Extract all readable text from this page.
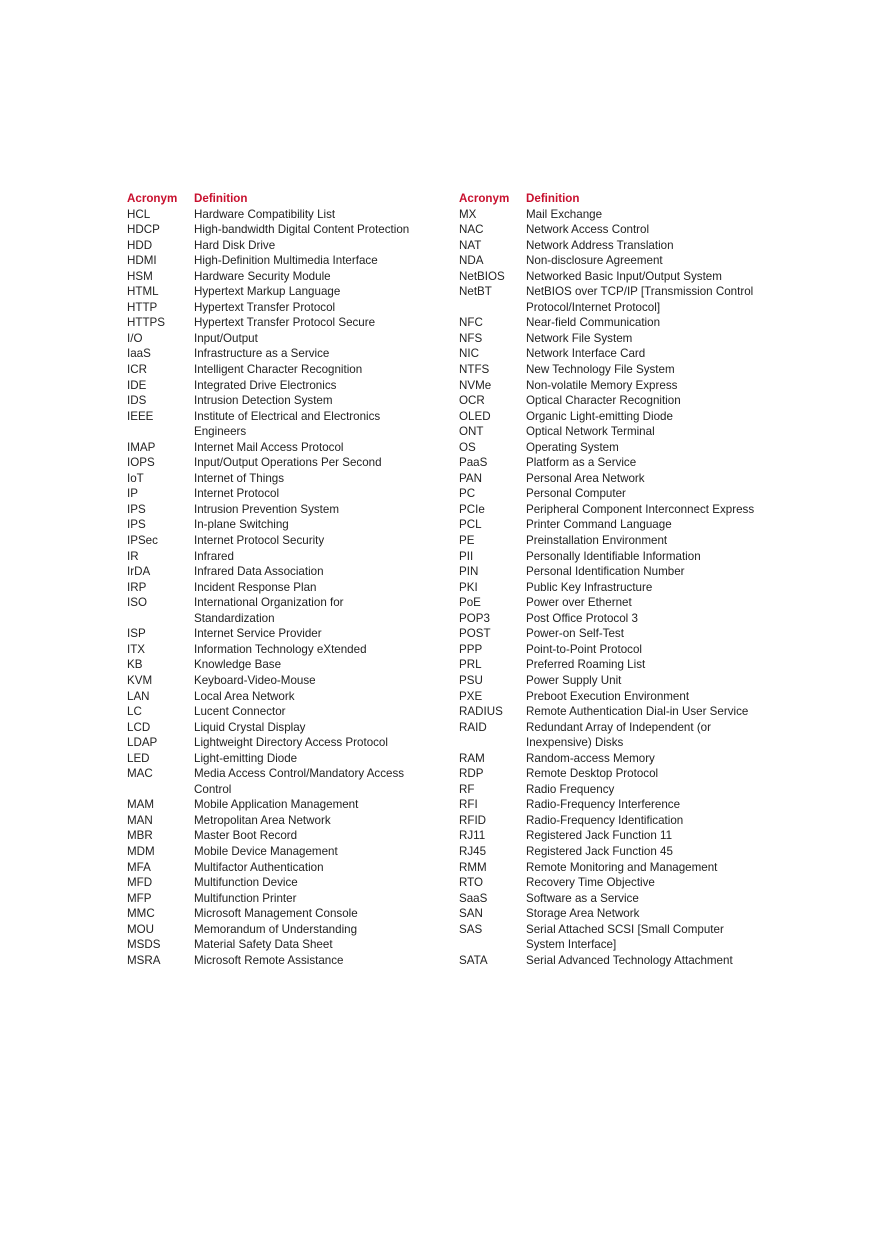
Acronym	Definition
HCL	Hardware Compatibility List
HDCP	High-bandwidth Digital Content Protection
HDD	Hard Disk Drive
HDMI	High-Definition Multimedia Interface
HSM	Hardware Security Module
HTML	Hypertext Markup Language
HTTP	Hypertext Transfer Protocol
HTTPS	Hypertext Transfer Protocol Secure
I/O	Input/Output
IaaS	Infrastructure as a Service
ICR	Intelligent Character Recognition
IDE	Integrated Drive Electronics
IDS	Intrusion Detection System
IEEE	Institute of Electrical and Electronics
Engineers
IMAP	Internet Mail Access Protocol
IOPS	Input/Output Operations Per Second
IoT	Internet of Things
IP	Internet Protocol
IPS	Intrusion Prevention System
IPS	In-plane Switching
IPSec	Internet Protocol Security
IR	Infrared
IrDA	Infrared Data Association
IRP	Incident Response Plan
ISO	International Organization for
Standardization
ISP	Internet Service Provider
ITX	Information Technology eXtended
KB	Knowledge Base
KVM	Keyboard-Video-Mouse
LAN	Local Area Network
LC	Lucent Connector
LCD	Liquid Crystal Display
LDAP	Lightweight Directory Access Protocol
LED	Light-emitting Diode
MAC	Media Access Control/Mandatory Access
Control
MAM	Mobile Application Management
MAN	Metropolitan Area Network
MBR	Master Boot Record
MDM	Mobile Device Management
MFA	Multifactor Authentication
MFD	Multifunction Device
MFP	Multifunction Printer
MMC	Microsoft Management Console
MOU	Memorandum of Understanding
MSDS	Material Safety Data Sheet
MSRA	Microsoft Remote Assistance
Acronym	Definition
MX	Mail Exchange
NAC	Network Access Control
NAT	Network Address Translation
NDA	Non-disclosure Agreement
NetBIOS	Networked Basic Input/Output System
NetBT	NetBIOS over TCP/IP [Transmission Control
Protocol/Internet Protocol]
NFC	Near-field Communication
NFS	Network File System
NIC	Network Interface Card
NTFS	New Technology File System
NVMe	Non-volatile Memory Express
OCR	Optical Character Recognition
OLED	Organic Light-emitting Diode
ONT	Optical Network Terminal
OS	Operating System
PaaS	Platform as a Service
PAN	Personal Area Network
PC	Personal Computer
PCIe	Peripheral Component Interconnect Express
PCL	Printer Command Language
PE	Preinstallation Environment
PII	Personally Identifiable Information
PIN	Personal Identification Number
PKI	Public Key Infrastructure
PoE	Power over Ethernet
POP3	Post Office Protocol 3
POST	Power-on Self-Test
PPP	Point-to-Point Protocol
PRL	Preferred Roaming List
PSU	Power Supply Unit
PXE	Preboot Execution Environment
RADIUS	Remote Authentication Dial-in User Service
RAID	Redundant Array of Independent (or
Inexpensive) Disks
RAM	Random-access Memory
RDP	Remote Desktop Protocol
RF	Radio Frequency
RFI	Radio-Frequency Interference
RFID	Radio-Frequency Identification
RJ11	Registered Jack Function 11
RJ45	Registered Jack Function 45
RMM	Remote Monitoring and Management
RTO	Recovery Time Objective
SaaS	Software as a Service
SAN	Storage Area Network
SAS	Serial Attached SCSI [Small Computer
System Interface]
SATA	Serial Advanced Technology Attachment
